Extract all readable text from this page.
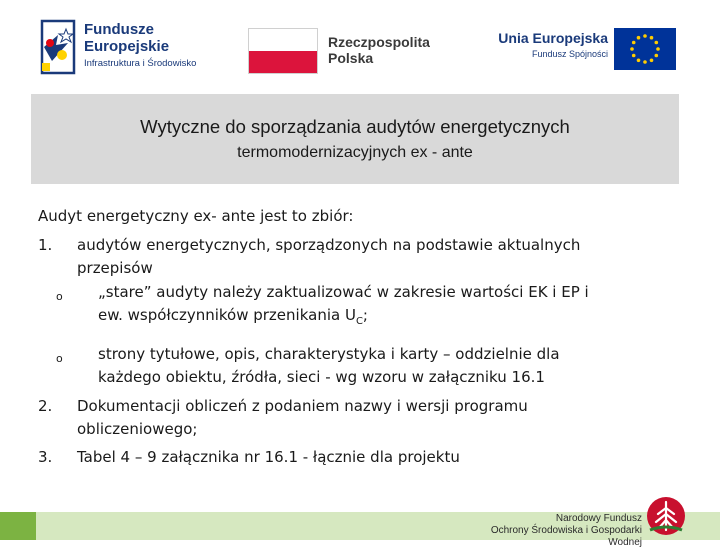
Fundusze
Europejskie
Infrastruktura i Środowisko
Rzeczpospolita
Polska
Unia Europejska
Fundusz Spójności
Wytyczne do sporządzania audytów energetycznych
termomodernizacyjnych ex - ante
Audyt energetyczny ex- ante jest to zbiór:
1. audytów energetycznych, sporządzonych na podstawie aktualnych
przepisów
o „stare” audyty należy zaktualizować w zakresie wartości EK i EP i
ew. współczynników przenikania $U_C$;
o strony tytułowe, opis, charakterystyka i karty – oddzielnie dla
każdego obiektu, źródła, sieci - wg wzoru w załączniku 16.1
2. Dokumentacji obliczeń z podaniem nazwy i wersji programu
obliczeniowego;
3. Tabel 4 – 9 załącznika nr 16.1 - łącznie dla projektu
Narodowy Fundusz
Ochrony Środowiska i Gospodarki Wodnej
